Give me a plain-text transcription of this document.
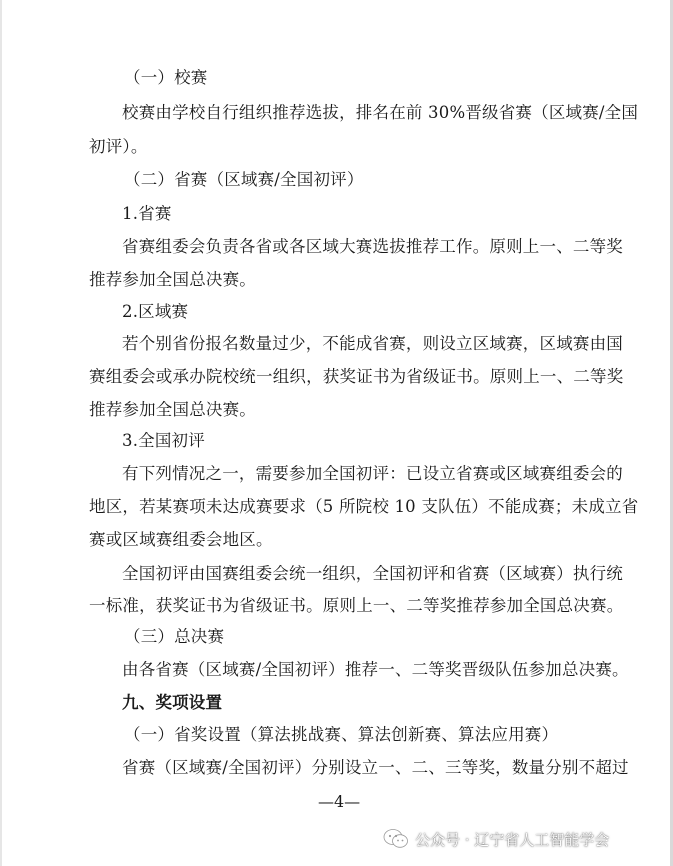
（一）校赛
校赛由学校自行组织推荐选拔，排名在前 30%晋级省赛（区域赛/全国
初评）。
（二）省赛（区域赛/全国初评）
1.省赛
省赛组委会负责各省或各区域大赛选拔推荐工作。原则上一、二等奖
推荐参加全国总决赛。
2.区域赛
若个别省份报名数量过少，不能成省赛，则设立区域赛，区域赛由国
赛组委会或承办院校统一组织，获奖证书为省级证书。原则上一、二等奖
推荐参加全国总决赛。
3.全国初评
有下列情况之一，需要参加全国初评：已设立省赛或区域赛组委会的
地区，若某赛项未达成赛要求（5 所院校 10 支队伍）不能成赛；未成立省
赛或区域赛组委会地区。
全国初评由国赛组委会统一组织，全国初评和省赛（区域赛）执行统
一标准，获奖证书为省级证书。原则上一、二等奖推荐参加全国总决赛。
（三）总决赛
由各省赛（区域赛/全国初评）推荐一、二等奖晋级队伍参加总决赛。
九、奖项设置
（一）省奖设置（算法挑战赛、算法创新赛、算法应用赛）
省赛（区域赛/全国初评）分别设立一、二、三等奖，数量分别不超过
—4—
公众号 · 辽宁省人工智能学会
